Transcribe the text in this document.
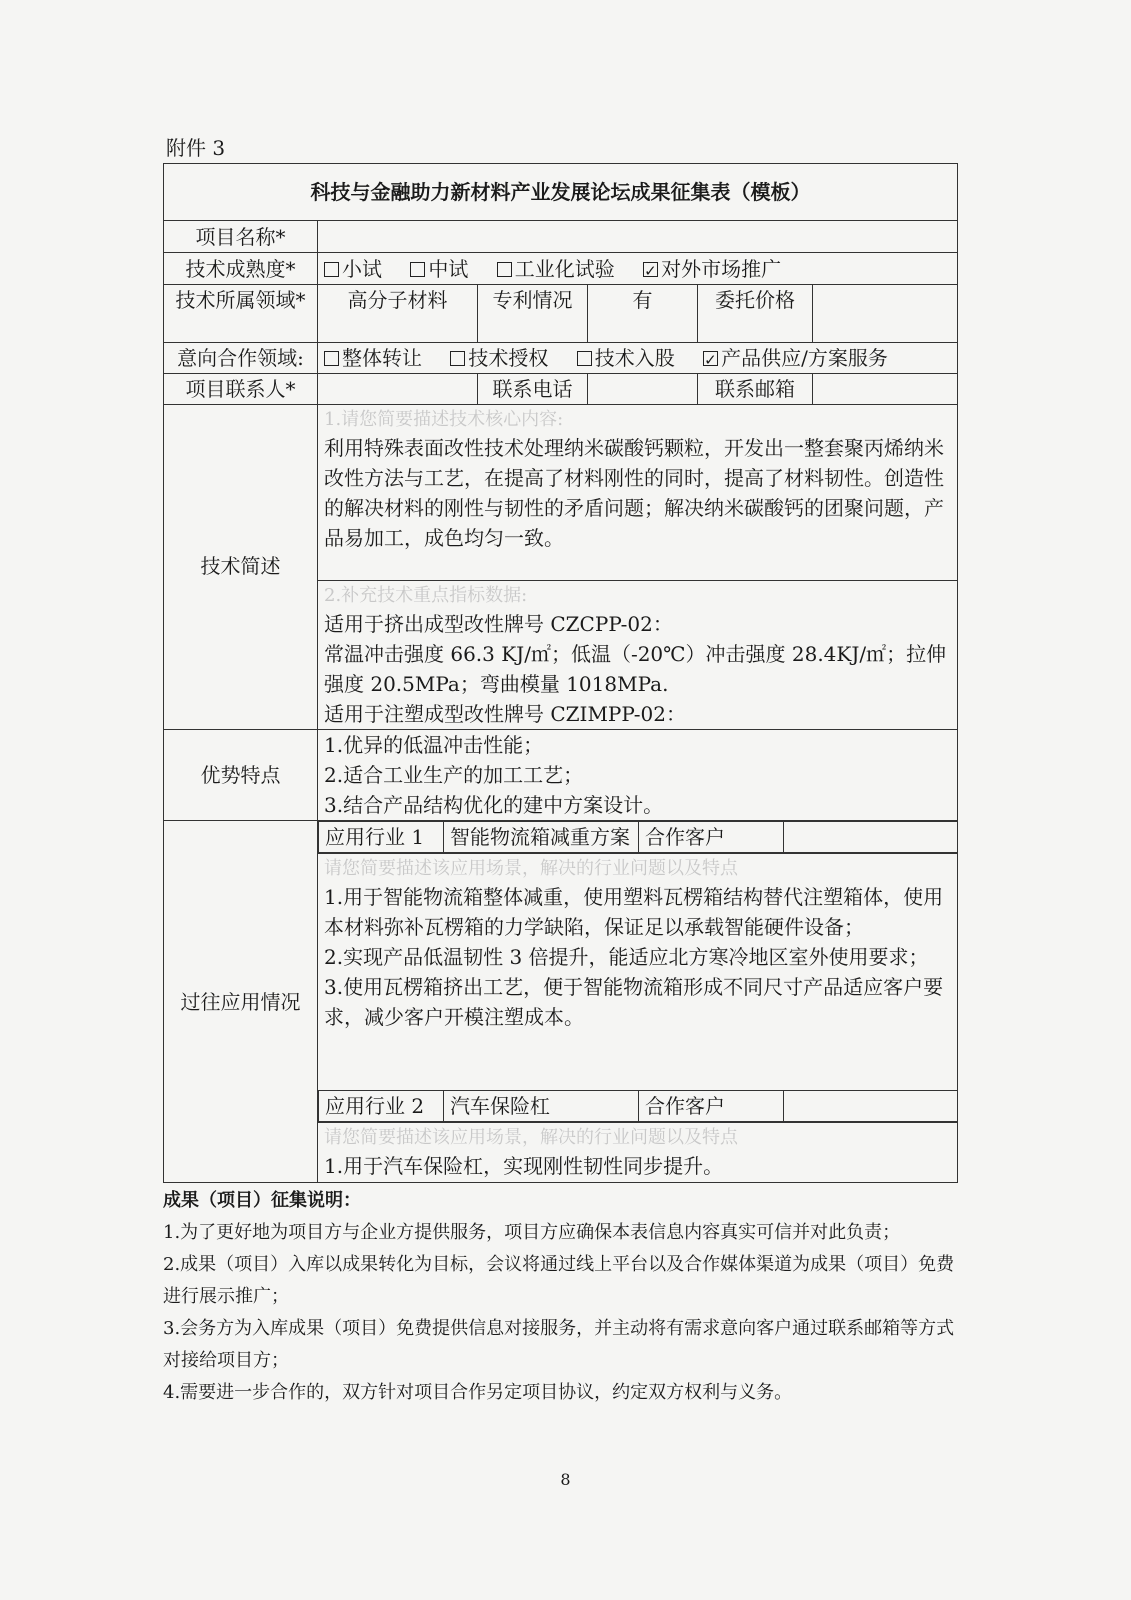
附件 3
科技与金融助力新材料产业发展论坛成果征集表（模板）
项目名称*	
技术成熟度*	小试 中试 工业化试验 ✓ 对外市场推广
技术所属领域*	高分子材料	专利情况	有	委托价格	
意向合作领域:	整体转让 技术授权 技术入股 ✓ 产品供应/方案服务
项目联系人*		联系电话		联系邮箱	
技术简述	
1.请您简要描述技术核心内容:
利用特殊表面改性技术处理纳米碳酸钙颗粒，开发出一整套聚丙烯纳米改性方法与工艺，在提高了材料刚性的同时，提高了材料韧性。创造性的解决材料的刚性与韧性的矛盾问题；解决纳米碳酸钙的团聚问题，产品易加工，成色均匀一致。

2.补充技术重点指标数据:
适用于挤出成型改性牌号 CZCPP-02：
常温冲击强度 66.3 KJ/㎡；低温（-20℃）冲击强度 28.4KJ/㎡；拉伸强度 20.5MPa；弯曲模量 1018MPa.
适用于注塑成型改性牌号 CZIMPP-02：

优势特点	
1.优异的低温冲击性能；
2.适合工业生产的加工工艺；
3.结合产品结构优化的建中方案设计。

过往应用情况	
应用行业 1	智能物流箱减重方案	合作客户	
请您简要描述该应用场景，解决的行业问题以及特点
1.用于智能物流箱整体减重，使用塑料瓦楞箱结构替代注塑箱体，使用本材料弥补瓦楞箱的力学缺陷，保证足以承载智能硬件设备；
2.实现产品低温韧性 3 倍提升，能适应北方寒冷地区室外使用要求；
3.使用瓦楞箱挤出工艺，便于智能物流箱形成不同尺寸产品适应客户要求，减少客户开模注塑成本。
应用行业 2	汽车保险杠	合作客户	
请您简要描述该应用场景，解决的行业问题以及特点
1.用于汽车保险杠，实现刚性韧性同步提升。
成果（项目）征集说明：
1.为了更好地为项目方与企业方提供服务，项目方应确保本表信息内容真实可信并对此负责；
2.成果（项目）入库以成果转化为目标，会议将通过线上平台以及合作媒体渠道为成果（项目）免费进行展示推广；
3.会务方为入库成果（项目）免费提供信息对接服务，并主动将有需求意向客户通过联系邮箱等方式对接给项目方；
4.需要进一步合作的，双方针对项目合作另定项目协议，约定双方权利与义务。
8
